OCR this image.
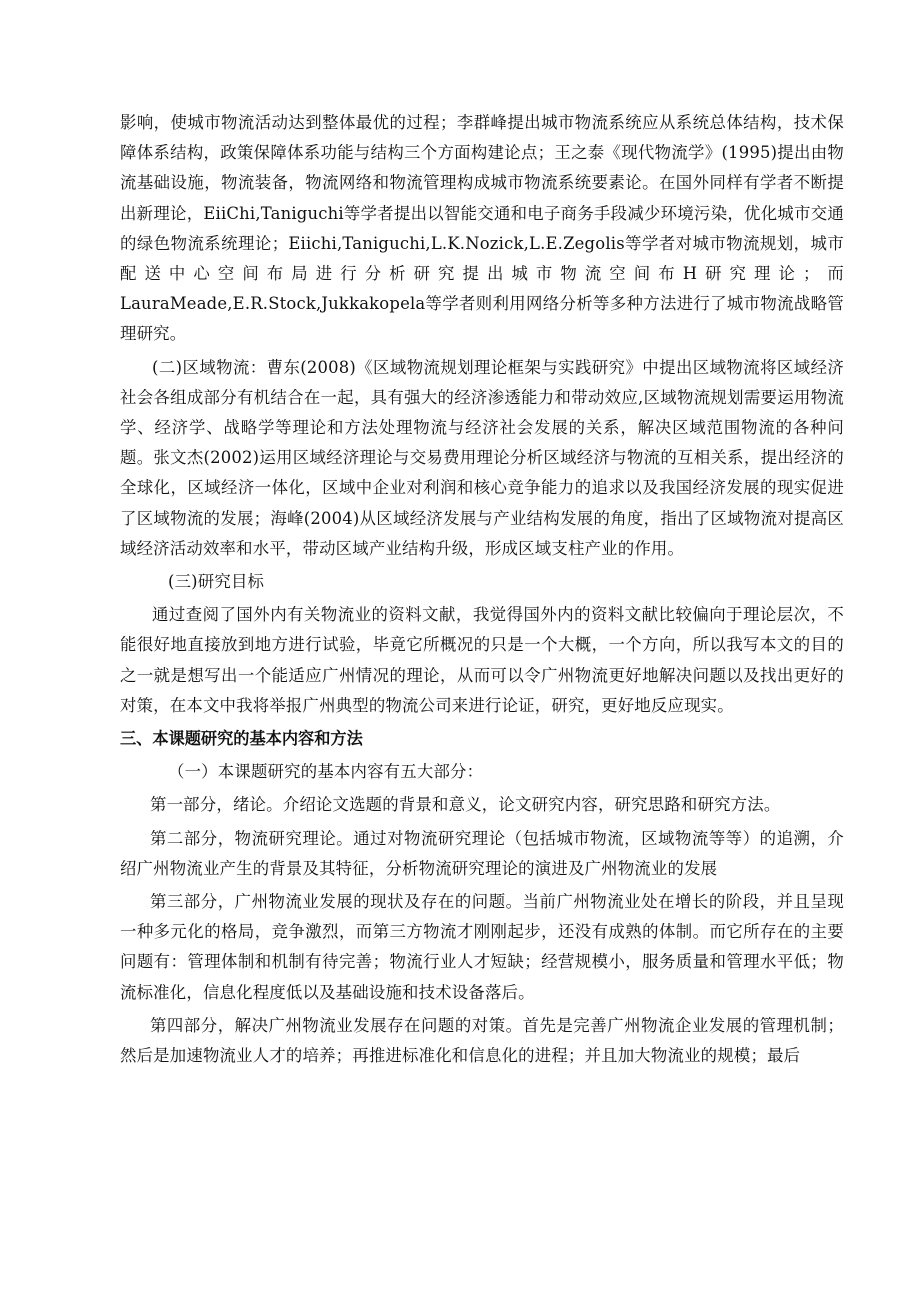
影响，使城市物流活动达到整体最优的过程；李群峰提出城市物流系统应从系统总体结构，技术保障体系结构，政策保障体系功能与结构三个方面构建论点；王之泰《现代物流学》(1995)提出由物流基础设施，物流装备，物流网络和物流管理构成城市物流系统要素论。在国外同样有学者不断提出新理论，EiiChi,Taniguchi等学者提出以智能交通和电子商务手段减少环境污染，优化城市交通的绿色物流系统理论；Eiichi,Taniguchi,L.K.Nozick,L.E.Zegolis等学者对城市物流规划，城市配送中心空间布局进行分析研究提出城市物流空间布H研究理论；而LauraMeade,E.R.Stock,Jukkakopela等学者则利用网络分析等多种方法进行了城市物流战略管理研究。

(二)区域物流：曹东(2008)《区域物流规划理论框架与实践研究》中提出区域物流将区域经济社会各组成部分有机结合在一起，具有强大的经济渗透能力和带动效应,区域物流规划需要运用物流学、经济学、战略学等理论和方法处理物流与经济社会发展的关系，解决区域范围物流的各种问题。张文杰(2002)运用区域经济理论与交易费用理论分析区域经济与物流的互相关系，提出经济的全球化，区域经济一体化，区域中企业对利润和核心竞争能力的追求以及我国经济发展的现实促进了区域物流的发展；海峰(2004)从区域经济发展与产业结构发展的角度，指出了区域物流对提高区域经济活动效率和水平，带动区域产业结构升级，形成区域支柱产业的作用。

(三)研究目标

通过查阅了国外内有关物流业的资料文献，我觉得国外内的资料文献比较偏向于理论层次，不能很好地直接放到地方进行试验，毕竟它所概况的只是一个大概，一个方向，所以我写本文的目的之一就是想写出一个能适应广州情况的理论，从而可以令广州物流更好地解决问题以及找出更好的对策，在本文中我将举报广州典型的物流公司来进行论证，研究，更好地反应现实。

三、本课题研究的基本内容和方法

（一）本课题研究的基本内容有五大部分：

第一部分，绪论。介绍论文选题的背景和意义，论文研究内容，研究思路和研究方法。

第二部分，物流研究理论。通过对物流研究理论（包括城市物流，区域物流等等）的追溯，介绍广州物流业产生的背景及其特征，分析物流研究理论的演进及广州物流业的发展

第三部分，广州物流业发展的现状及存在的问题。当前广州物流业处在增长的阶段，并且呈现一种多元化的格局，竞争激烈，而第三方物流才刚刚起步，还没有成熟的体制。而它所存在的主要问题有：管理体制和机制有待完善；物流行业人才短缺；经营规模小，服务质量和管理水平低；物流标准化，信息化程度低以及基础设施和技术设备落后。

第四部分，解决广州物流业发展存在问题的对策。首先是完善广州物流企业发展的管理机制；然后是加速物流业人才的培养；再推进标准化和信息化的进程；并且加大物流业的规模；最后
